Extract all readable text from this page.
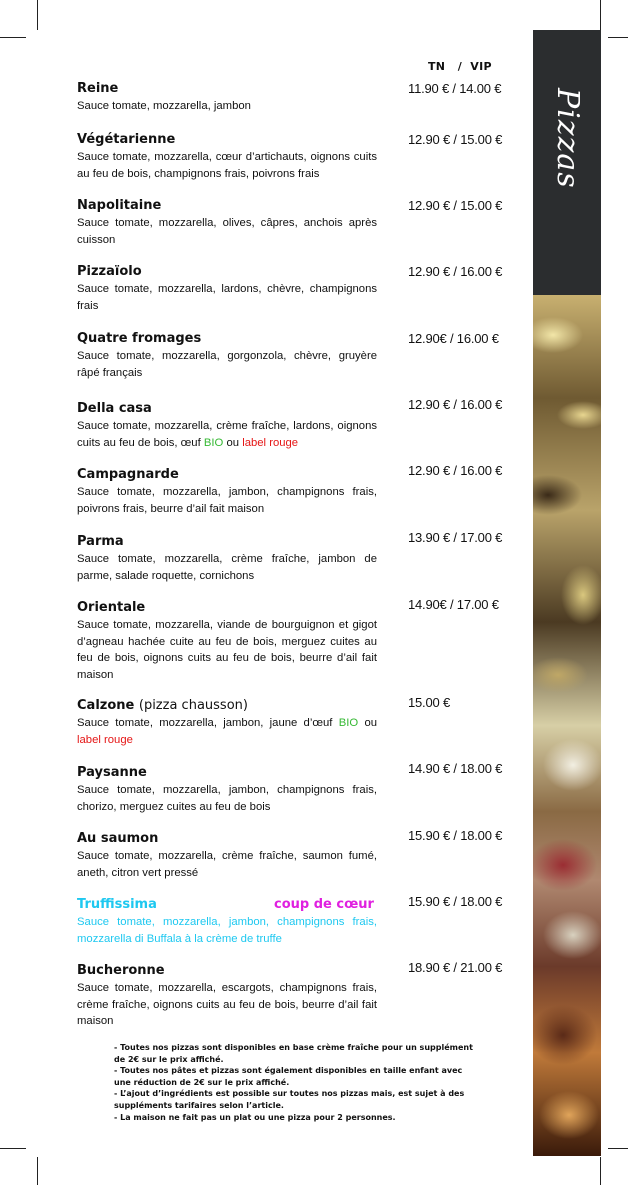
Pizzas
TN   /  VIP
Reine
Sauce tomate, mozzarella, jambon
11.90 € / 14.00 €
Végétarienne
Sauce tomate, mozzarella, cœur d’artichauts, oignons cuits au feu de bois, champignons frais, poivrons frais
12.90 € / 15.00 €
Napolitaine
Sauce tomate, mozzarella, olives, câpres, anchois après cuisson
12.90 € / 15.00 €
Pizzaïolo
Sauce tomate, mozzarella, lardons, chèvre, champignons frais
12.90 € / 16.00 €
Quatre fromages
Sauce tomate, mozzarella, gorgonzola, chèvre, gruyère râpé français
12.90€ / 16.00 €
Della casa
Sauce tomate, mozzarella, crème fraîche, lardons, oignons cuits au feu de bois, œuf BIO ou label rouge
12.90 € / 16.00 €
Campagnarde
Sauce tomate, mozzarella, jambon, champignons frais, poivrons frais, beurre d’ail fait maison
12.90 € / 16.00 €
Parma
Sauce tomate, mozzarella, crème fraîche, jambon de parme, salade roquette, cornichons
13.90 € / 17.00 €
Orientale
Sauce tomate, mozzarella, viande de bourguignon et gigot d’agneau hachée cuite au feu de bois, merguez cuites au feu de bois, oignons cuits au feu de bois, beurre d’ail fait maison
14.90€ / 17.00 €
Calzone (pizza chausson)
Sauce tomate, mozzarella, jambon, jaune d’œuf BIO ou label rouge
15.00 €
Paysanne
Sauce tomate, mozzarella, jambon, champignons frais, chorizo, merguez cuites au feu de bois
14.90 € / 18.00 €
Au saumon
Sauce tomate, mozzarella, crème fraîche, saumon fumé, aneth, citron vert pressé
15.90 € / 18.00 €
Truffissima	coup de cœur
Sauce tomate, mozzarella, jambon, champignons frais, mozzarella di Buffala à la crème de truffe
15.90 € / 18.00 €
Bucheronne
Sauce tomate, mozzarella, escargots, champignons frais, crème fraîche, oignons cuits au feu de bois, beurre d’ail fait maison
18.90 € / 21.00 €
- Toutes nos pizzas sont disponibles en base crème fraîche pour un supplément de 2€ sur le prix affiché.
- Toutes nos pâtes et pizzas sont également disponibles en taille enfant avec une réduction de 2€ sur le prix affiché.
- L’ajout d’ingrédients est possible sur toutes nos pizzas mais, est sujet à des suppléments tarifaires selon l’article.
- La maison ne fait pas un plat ou une pizza pour 2 personnes.
